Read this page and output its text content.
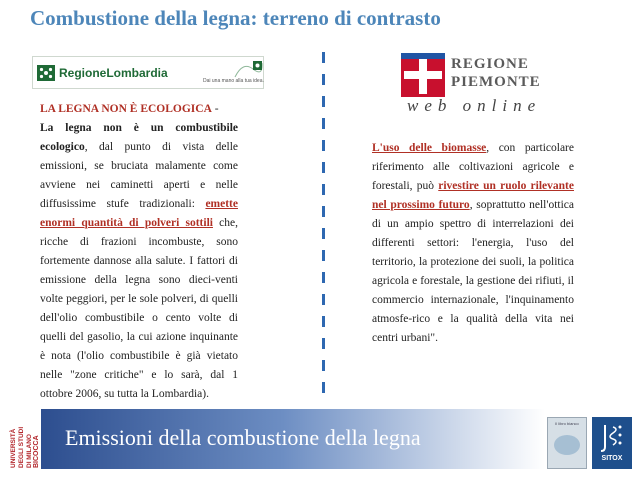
Combustione della legna: terreno di contrasto
RegioneLombardia
Dai una mano alla tua idea.
REGIONE
PIEMONTE
web online
LA LEGNA NON È ECOLOGICA -
La legna non è un combustibile ecologico, dal punto di vista delle emissioni, se bruciata malamente come avviene nei caminetti aperti e nelle diffusissime stufe tradizionali: emette enormi quantità di polveri sottili che, ricche di frazioni incombuste, sono fortemente dannose alla salute. I fattori di emissione della legna sono dieci-venti volte peggiori, per le sole polveri, di quelli dell'olio combustibile o cento volte di quelli del gasolio, la cui azione inquinante è nota (l'olio combustibile è già vietato nelle "zone critiche" e lo sarà, dal 1 ottobre 2006, su tutta la Lombardia).
L'uso delle biomasse, con particolare riferimento alle coltivazioni agricole e forestali, può rivestire un ruolo rilevante nel prossimo futuro, soprattutto nell'ottica di un ampio spettro di interrelazioni dei differenti settori: l'energia, l'uso del territorio, la protezione dei suoli, la politica agricola e forestale, la gestione dei rifiuti, il commercio internazionale, l'inquinamento atmosfe-rico e la qualità della vita nei centri urbani".
UNIVERSITÀ DEGLI STUDI DI MILANO BICOCCA Emissioni della combustione della legna
Il libro bianco
SITOX
